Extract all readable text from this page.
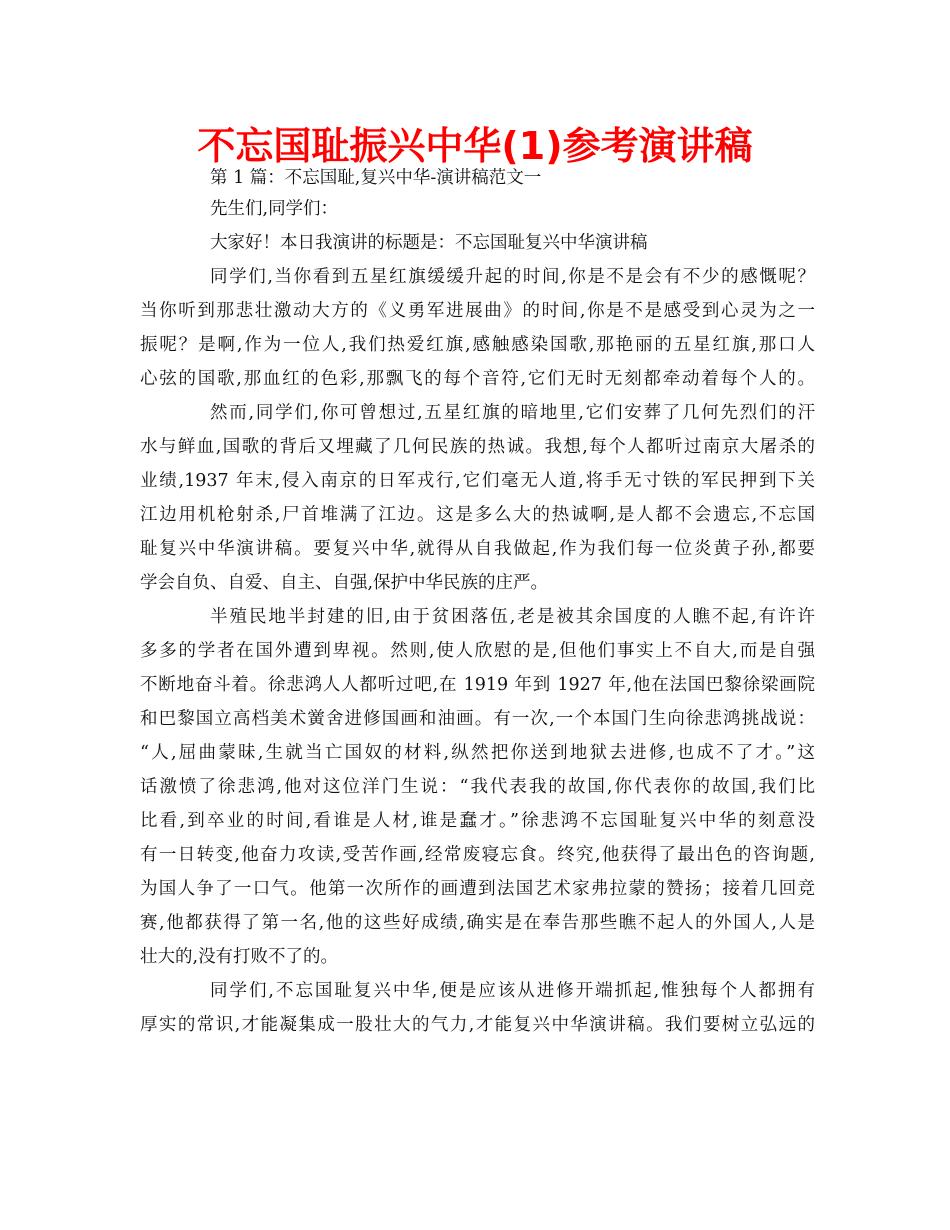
不忘国耻振兴中华(1)参考演讲稿

第 1 篇：不忘国耻,复兴中华-演讲稿范文一

先生们,同学们：

大家好！本日我演讲的标题是：不忘国耻复兴中华演讲稿

同学们,当你看到五星红旗缓缓升起的时间,你是不是会有不少的感慨呢？

当你听到那悲壮激动大方的《义勇军进展曲》的时间,你是不是感受到心灵为之一

振呢？是啊,作为一位人,我们热爱红旗,感触感染国歌,那艳丽的五星红旗,那口人

心弦的国歌,那血红的色彩,那飘飞的每个音符,它们无时无刻都牵动着每个人的。

然而,同学们,你可曾想过,五星红旗的暗地里,它们安葬了几何先烈们的汗

水与鲜血,国歌的背后又埋藏了几何民族的热诚。我想,每个人都听过南京大屠杀的

业绩,1937 年末,侵入南京的日军戎行,它们毫无人道,将手无寸铁的军民押到下关

江边用机枪射杀,尸首堆满了江边。这是多么大的热诚啊,是人都不会遗忘,不忘国

耻复兴中华演讲稿。要复兴中华,就得从自我做起,作为我们每一位炎黄子孙,都要

学会自负、自爱、自主、自强,保护中华民族的庄严。

半殖民地半封建的旧,由于贫困落伍,老是被其余国度的人瞧不起,有许许

多多的学者在国外遭到卑视。然则,使人欣慰的是,但他们事实上不自大,而是自强

不断地奋斗着。徐悲鸿人人都听过吧,在 1919 年到 1927 年,他在法国巴黎徐梁画院

和巴黎国立高档美术黉舍进修国画和油画。有一次,一个本国门生向徐悲鸿挑战说：

“人,屈曲蒙昧,生就当亡国奴的材料,纵然把你送到地狱去进修,也成不了才。”这

话激愤了徐悲鸿,他对这位洋门生说：“我代表我的故国,你代表你的故国,我们比

比看,到卒业的时间,看谁是人材,谁是蠢才。”徐悲鸿不忘国耻复兴中华的刻意没

有一日转变,他奋力攻读,受苦作画,经常废寝忘食。终究,他获得了最出色的咨询题,

为国人争了一口气。他第一次所作的画遭到法国艺术家弗拉蒙的赞扬；接着几回竞

赛,他都获得了第一名,他的这些好成绩,确实是在奉告那些瞧不起人的外国人,人是

壮大的,没有打败不了的。

同学们,不忘国耻复兴中华,便是应该从进修开端抓起,惟独每个人都拥有

厚实的常识,才能凝集成一股壮大的气力,才能复兴中华演讲稿。我们要树立弘远的
